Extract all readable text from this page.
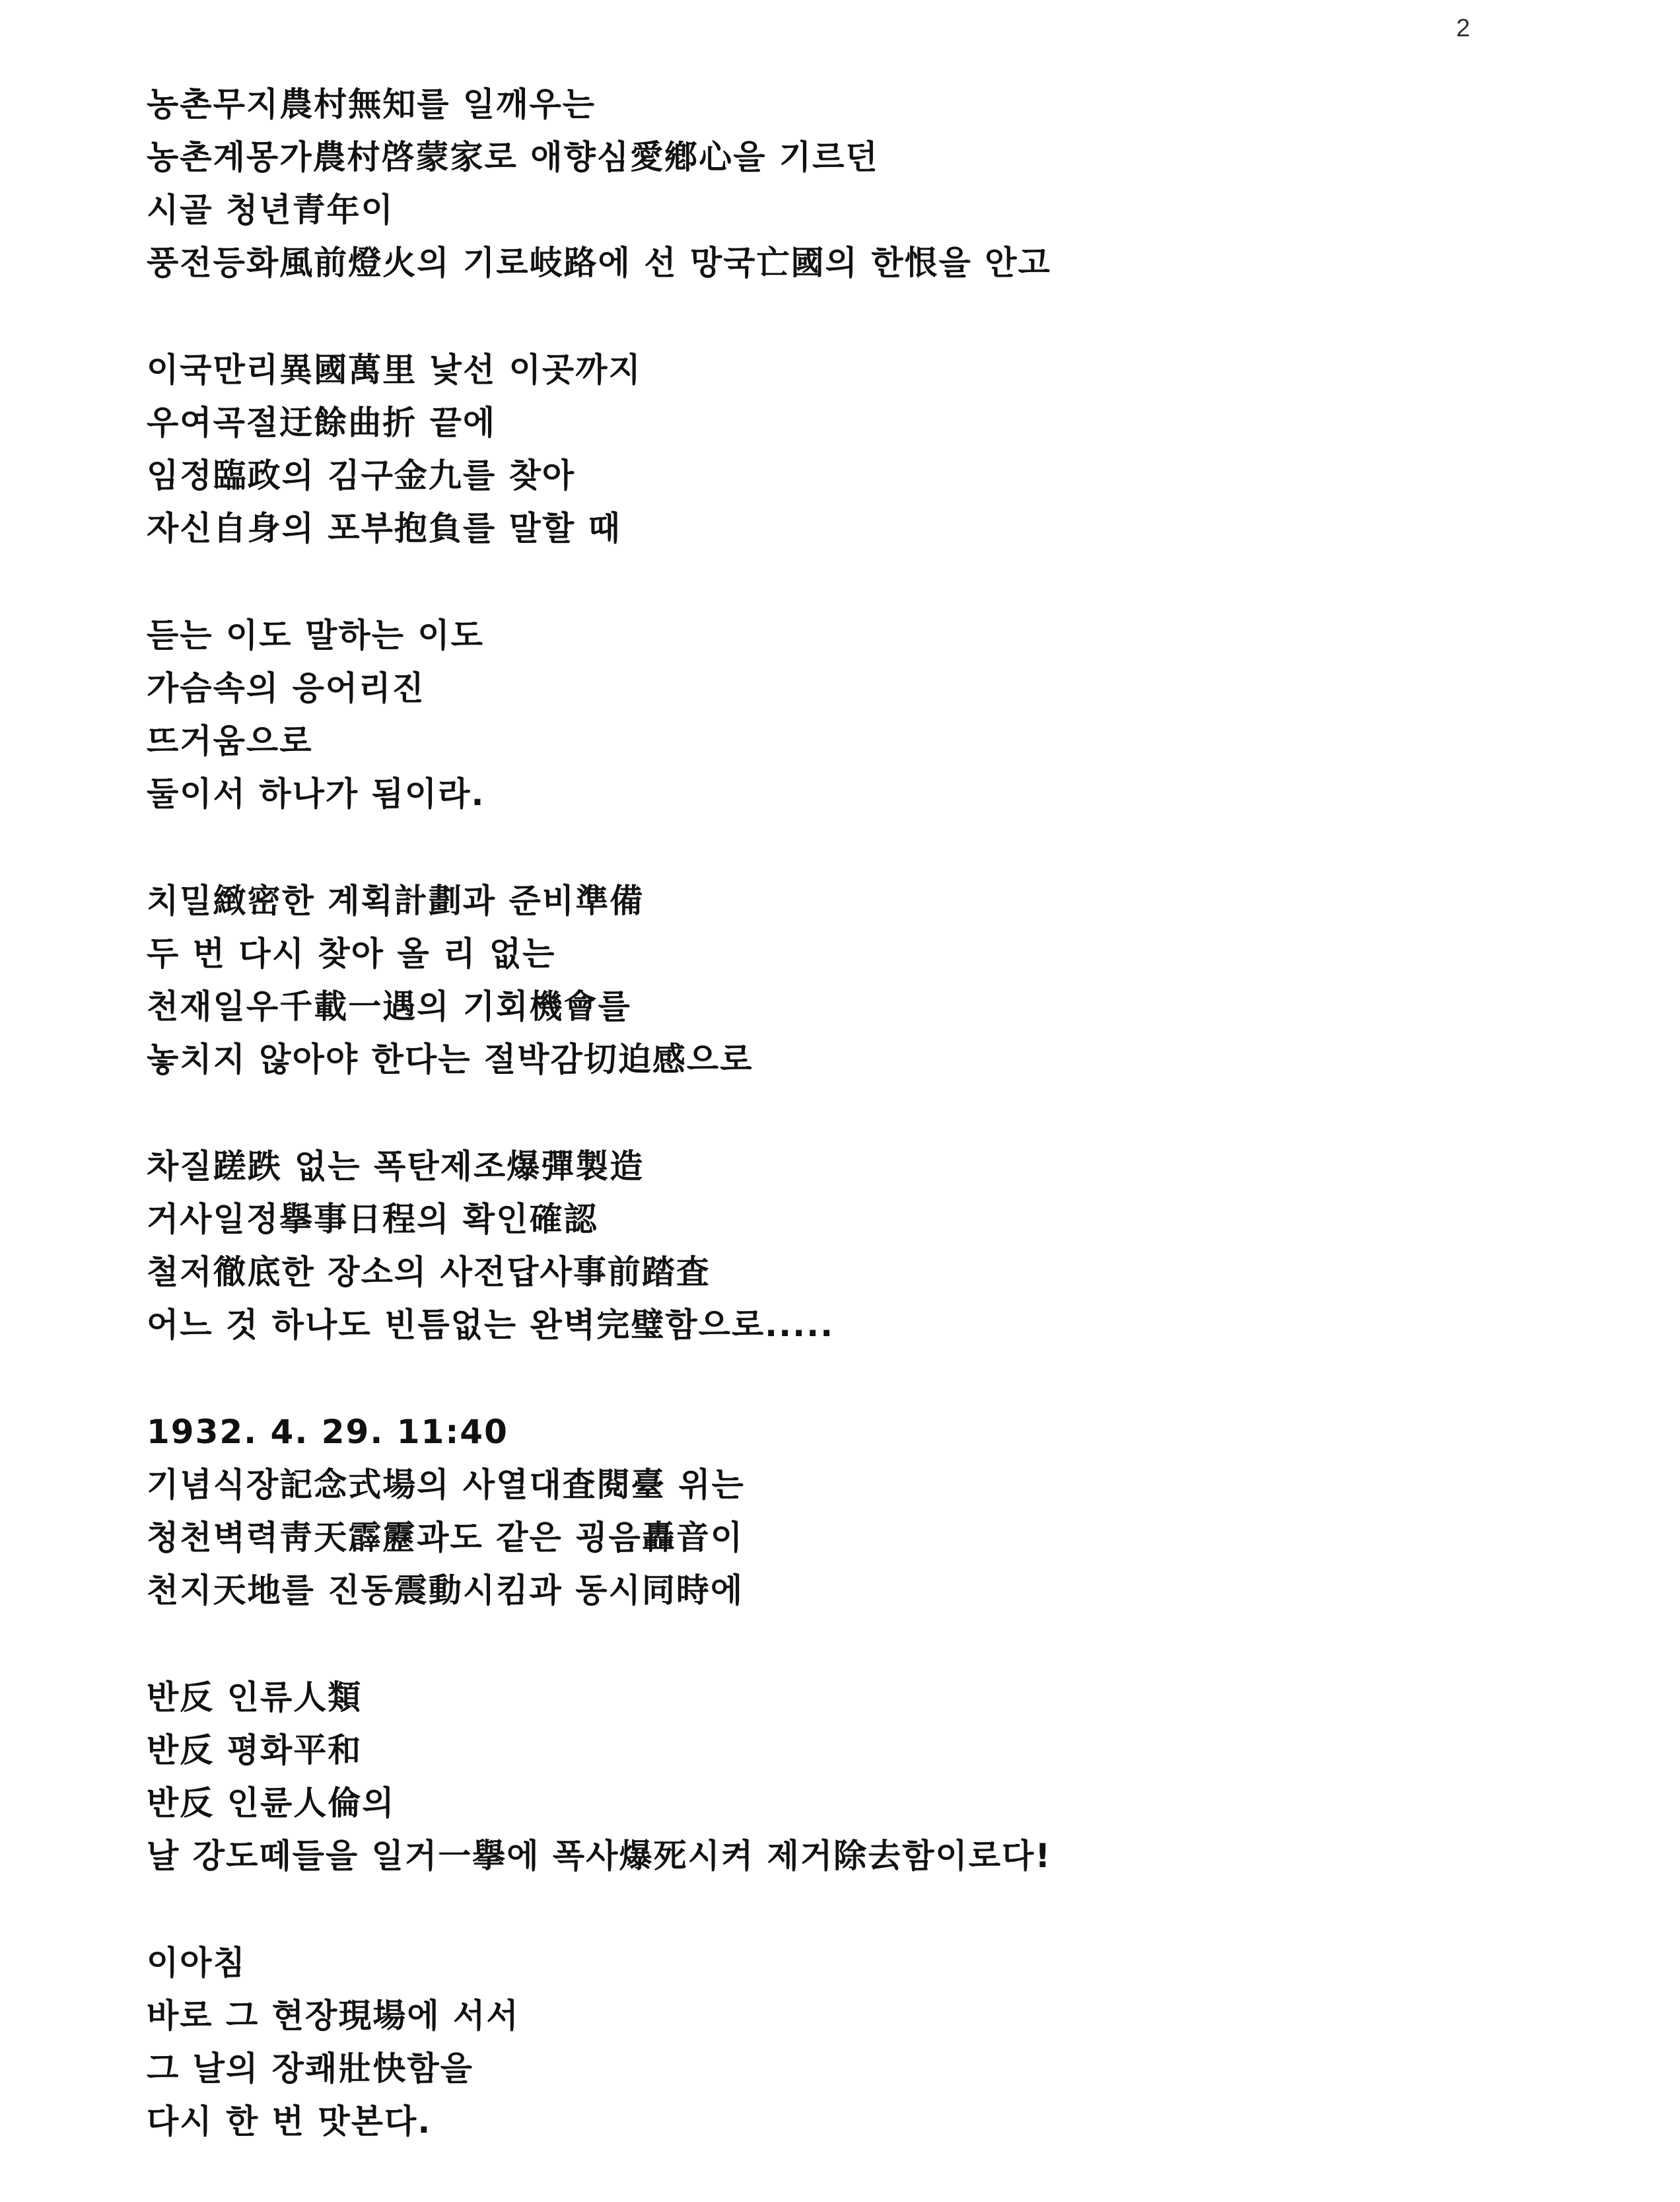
2
농촌무지農村無知를 일깨우는
농촌계몽가農村啓蒙家로 애향심愛鄕心을 기르던
시골 청년青年이
풍전등화風前燈火의 기로岐路에 선 망국亡國의 한恨을 안고
이국만리異國萬里 낯선 이곳까지
우여곡절迂餘曲折 끝에
임정臨政의 김구金九를 찾아
자신自身의 포부抱負를 말할 때
듣는 이도 말하는 이도
가슴속의 응어리진
뜨거움으로
둘이서 하나가 됨이라.
치밀緻密한 계획計劃과 준비準備
두 번 다시 찾아 올 리 없는
천재일우千載一遇의 기회機會를
놓치지 않아야 한다는 절박감切迫感으로
차질蹉跌 없는 폭탄제조爆彈製造
거사일정擧事日程의 확인確認
철저徹底한 장소의 사전답사事前踏査
어느 것 하나도 빈틈없는 완벽完璧함으로.....
1932. 4. 29. 11:40
기념식장記念式場의 사열대査閱臺 위는
청천벽력靑天霹靂과도 같은 굉음轟音이
천지天地를 진동震動시킴과 동시同時에
반反 인류人類
반反 평화平和
반反 인륜人倫의
날 강도떼들을 일거一擧에 폭사爆死시켜 제거除去함이로다!
이아침
바로 그 현장現場에 서서
그 날의 장쾌壯快함을
다시 한 번 맛본다.
